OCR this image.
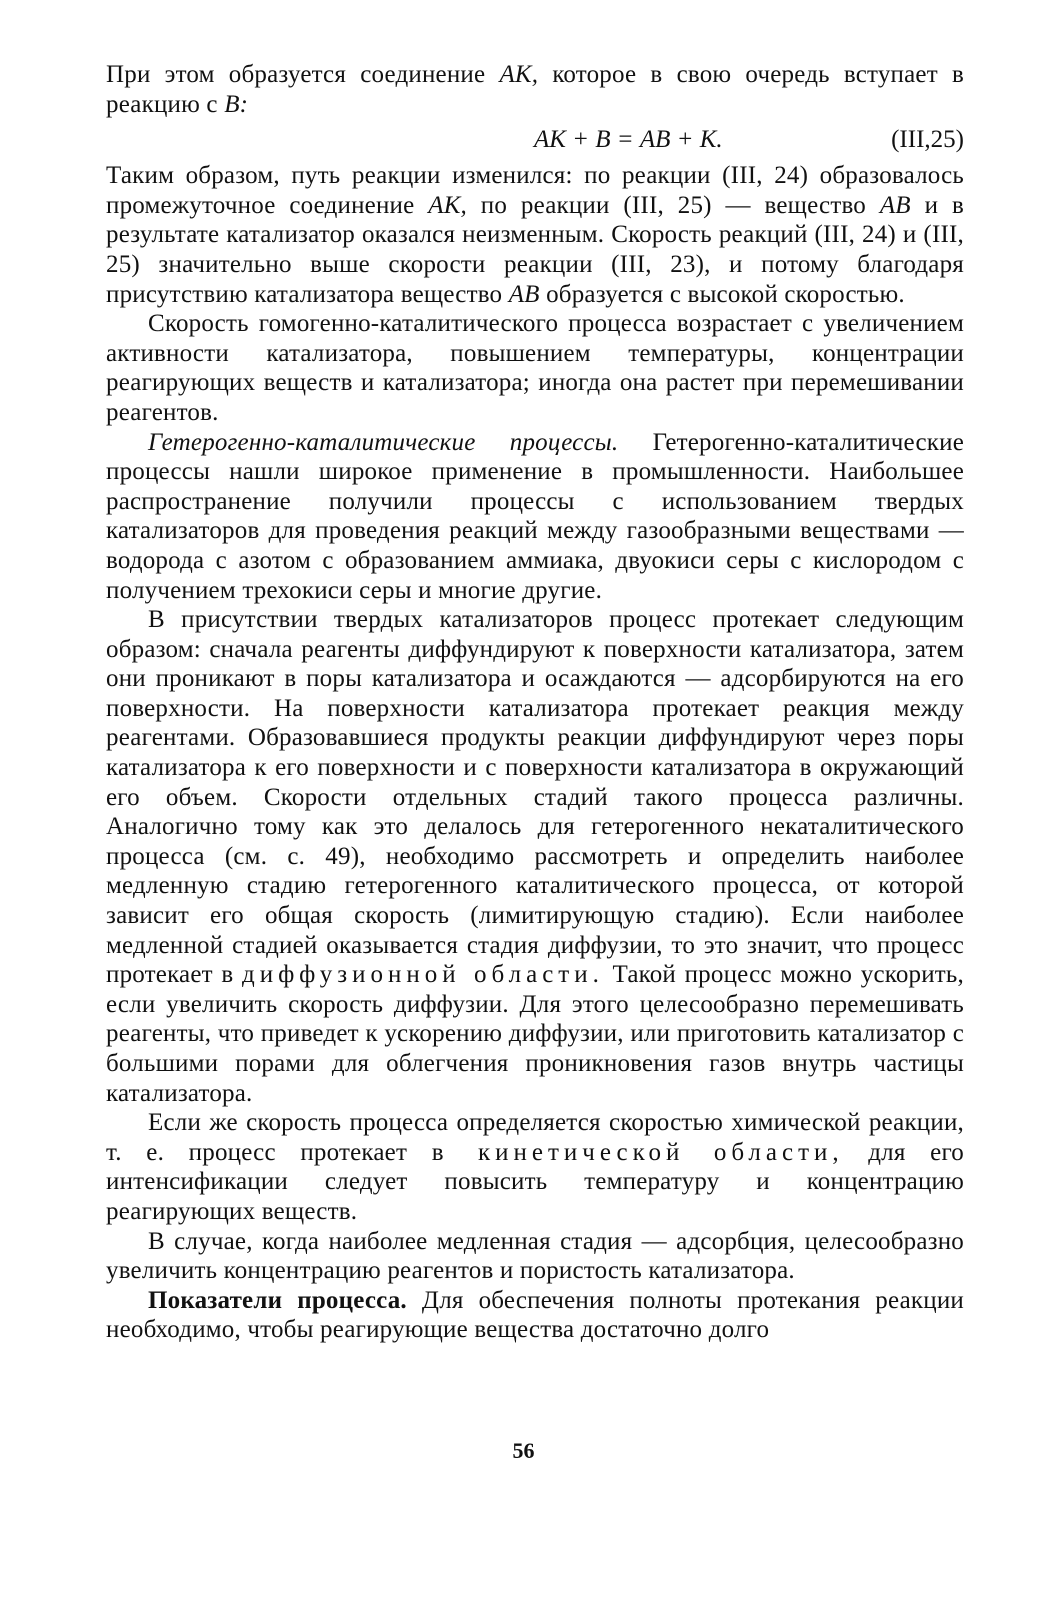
При этом образуется соединение АК, которое в свою очередь вступает в реакцию с В:

АК + В = АВ + К.	(III,25)

Таким образом, путь реакции изменился: по реакции (III, 24) образовалось промежуточное соединение АК, по реакции (III, 25) — вещество АВ и в результате катализатор оказался неизменным. Скорость реакций (III, 24) и (III, 25) значительно выше скорости реакции (III, 23), и потому благодаря присутствию катализатора вещество АВ образуется с высокой скоростью.

Скорость гомогенно-каталитического процесса возрастает с увеличением активности катализатора, повышением температуры, концентрации реагирующих веществ и катализатора; иногда она растет при перемешивании реагентов.

Гетерогенно-каталитические процессы. Гетерогенно-каталитические процессы нашли широкое применение в промышленности. Наибольшее распространение получили процессы с использованием твердых катализаторов для проведения реакций между газообразными веществами — водорода с азотом с образованием аммиака, двуокиси серы с кислородом с получением трехокиси серы и многие другие.

В присутствии твердых катализаторов процесс протекает следующим образом: сначала реагенты диффундируют к поверхности катализатора, затем они проникают в поры катализатора и осаждаются — адсорбируются на его поверхности. На поверхности катализатора протекает реакция между реагентами. Образовавшиеся продукты реакции диффундируют через поры катализатора к его поверхности и с поверхности катализатора в окружающий его объем. Скорости отдельных стадий такого процесса различны. Аналогично тому как это делалось для гетерогенного некаталитического процесса (см. с. 49), необходимо рассмотреть и определить наиболее медленную стадию гетерогенного каталитического процесса, от которой зависит его общая скорость (лимитирующую стадию). Если наиболее медленной стадией оказывается стадия диффузии, то это значит, что процесс протекает в диффузионной области. Такой процесс можно ускорить, если увеличить скорость диффузии. Для этого целесообразно перемешивать реагенты, что приведет к ускорению диффузии, или приготовить катализатор с большими порами для облегчения проникновения газов внутрь частицы катализатора.

Если же скорость процесса определяется скоростью химической реакции, т. е. процесс протекает в кинетической области, для его интенсификации следует повысить температуру и концентрацию реагирующих веществ.

В случае, когда наиболее медленная стадия — адсорбция, целесообразно увеличить концентрацию реагентов и пористость катализатора.

Показатели процесса. Для обеспечения полноты протекания реакции необходимо, чтобы реагирующие вещества достаточно долго

56
